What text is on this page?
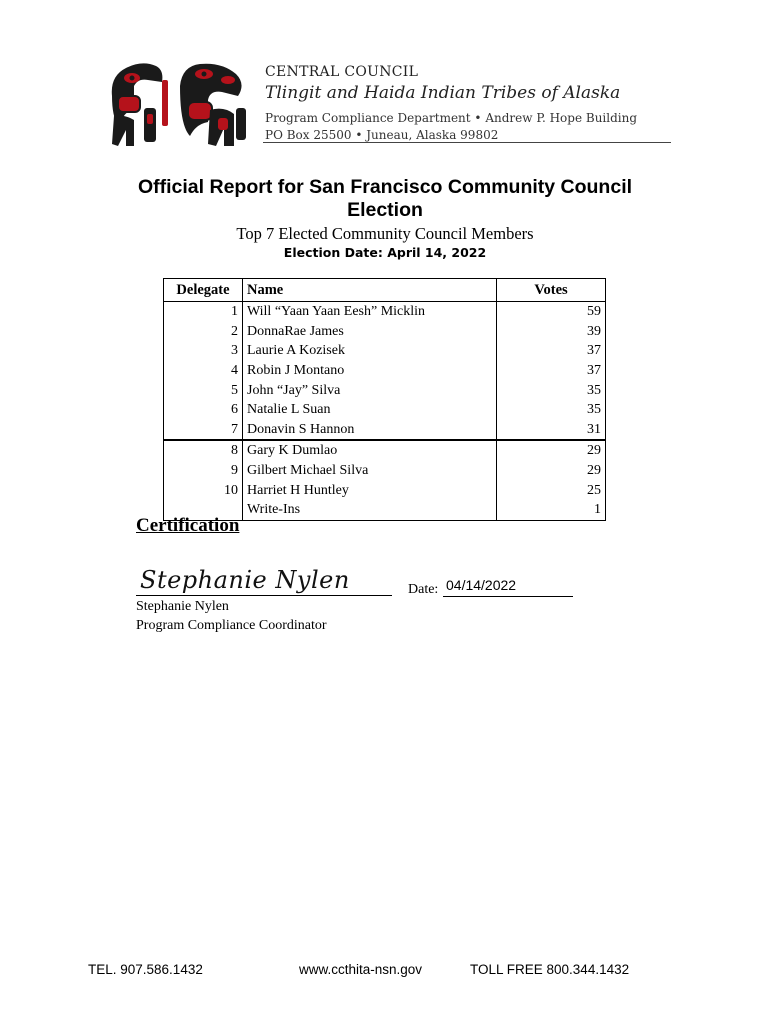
CENTRAL COUNCIL
Tlingit and Haida Indian Tribes of Alaska
Program Compliance Department • Andrew P. Hope Building
PO Box 25500 • Juneau, Alaska 99802
Official Report for San Francisco Community Council Election
Top 7 Elected Community Council Members
Election Date: April 14, 2022
Delegate	Name	Votes
1	Will “Yaan Yaan Eesh” Micklin	59
2	DonnaRae James	39
3	Laurie A Kozisek	37
4	Robin J Montano	37
5	John “Jay” Silva	35
6	Natalie L Suan	35
7	Donavin S Hannon	31
8	Gary K Dumlao	29
9	Gilbert Michael Silva	29
10	Harriet H Huntley	25
	Write-Ins	1
Certification
Stephanie Nylen
Stephanie Nylen
Program Compliance Coordinator
Date: 04/14/2022
TEL. 907.586.1432	www.ccthita-nsn.gov	TOLL FREE 800.344.1432
